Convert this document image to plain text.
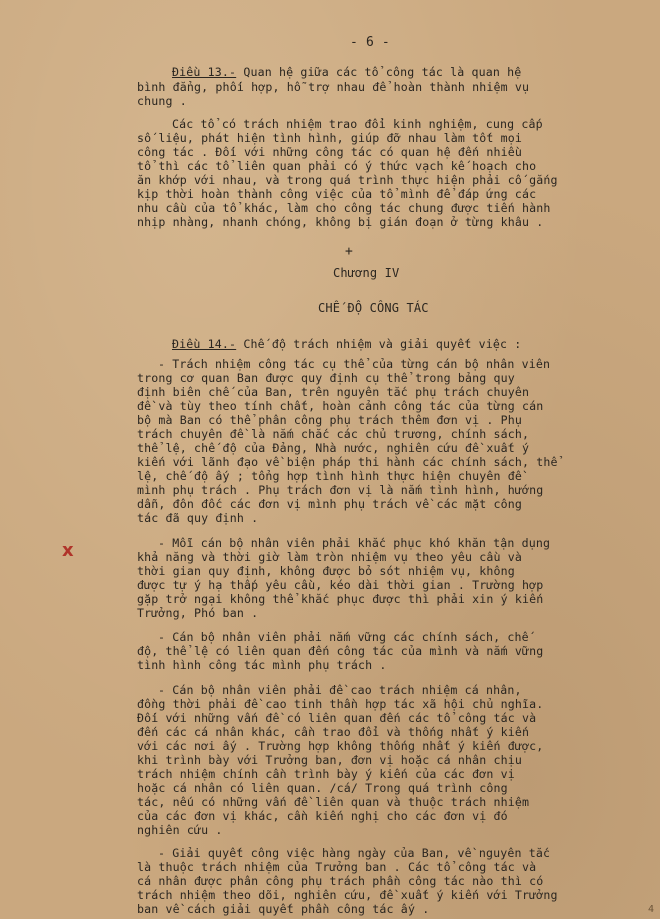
- 6 -
Điều 13.- Quan hệ giữa các tổ công tác là quan hệ
bình đẳng, phối hợp, hỗ trợ nhau để hoàn thành nhiệm vụ
chung .
Các tổ có trách nhiệm trao đổi kinh nghiệm, cung cấp
số liệu, phát hiện tình hình, giúp đỡ nhau làm tốt mọi
công tác . Đối với những công tác có quan hệ đến nhiều
tổ thì các tổ liên quan phải có ý thức vạch kế hoạch cho
ăn khớp với nhau, và trong quá trình thực hiện phải cố gắng
kịp thời hoàn thành công việc của tổ mình để đáp ứng các
nhu cầu của tổ khác, làm cho công tác chung được tiến hành
nhịp nhàng, nhanh chóng, không bị gián đoạn ở từng khâu .
+
Chương IV
CHẾ ĐỘ CÔNG TÁC
Điều 14.- Chế độ trách nhiệm và giải quyết việc :
- Trách nhiệm công tác cụ thể của từng cán bộ nhân viên
trong cơ quan Ban được quy định cụ thể trong bảng quy
định biên chế của Ban, trên nguyên tắc phụ trách chuyên
đề và tùy theo tính chất, hoàn cảnh công tác của từng cán
bộ mà Ban có thể phân công phụ trách thêm đơn vị . Phụ
trách chuyên đề là nắm chắc các chủ trương, chính sách,
thể lệ, chế độ của Đảng, Nhà nước, nghiên cứu đề xuất ý
kiến với lãnh đạo về biện pháp thi hành các chính sách, thể
lệ, chế độ ấy ; tổng hợp tình hình thực hiện chuyên đề
mình phụ trách . Phụ trách đơn vị là nắm tình hình, hướng
dẫn, đôn đốc các đơn vị mình phụ trách về các mặt công
tác đã quy định .
x	- Mỗi cán bộ nhân viên phải khắc phục khó khăn tận dụng
khả năng và thời giờ làm tròn nhiệm vụ theo yêu cầu và
thời gian quy định, không được bỏ sót nhiệm vụ, không
được tự ý hạ thấp yêu cầu, kéo dài thời gian . Trường hợp
gặp trở ngại không thể khắc phục được thì phải xin ý kiến
Trưởng, Phó ban .
- Cán bộ nhân viên phải nắm vững các chính sách, chế
độ, thể lệ có liên quan đến công tác của mình và nắm vững
tình hình công tác mình phụ trách .
- Cán bộ nhân viên phải đề cao trách nhiệm cá nhân,
đồng thời phải đề cao tinh thần hợp tác xã hội chủ nghĩa.
Đối với những vấn đề có liên quan đến các tổ công tác và
đến các cá nhân khác, cần trao đổi và thống nhất ý kiến
với các nơi ấy . Trường hợp không thống nhất ý kiến được,
khi trình bày với Trưởng ban, đơn vị hoặc cá nhân chịu
trách nhiệm chính cần trình bày ý kiến của các đơn vị
hoặc cá nhân có liên quan. /cá/ Trong quá trình công
tác, nếu có những vấn đề liên quan và thuộc trách nhiệm
của các đơn vị khác, cần kiến nghị cho các đơn vị đó
nghiên cứu .
- Giải quyết công việc hàng ngày của Ban, về nguyên tắc
là thuộc trách nhiệm của Trưởng ban . Các tổ công tác và
cá nhân được phân công phụ trách phần công tác nào thì có
trách nhiệm theo dõi, nghiên cứu, đề xuất ý kiến với Trưởng
ban về cách giải quyết phần công tác ấy .	4
